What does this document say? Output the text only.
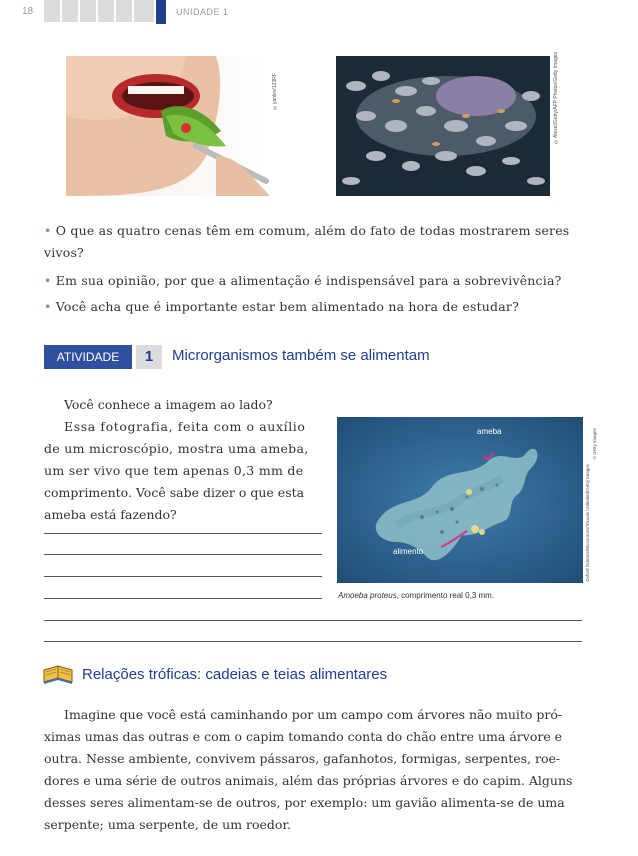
18	UNIDADE 1
©yanlev/123RF	©Alexei/Getty/AFP Photos/Getty Images
• O que as quatro cenas têm em comum, além do fato de todas mostrarem seres
vivos?
• Em sua opinião, por que a alimentação é indispensável para a sobrevivência?
• Você acha que é importante estar bem alimentado na hora de estudar?
ATIVIDADE	1	Microrganismos também se alimentam
Você conhece a imagem ao lado?
Essa fotografia, feita com o auxílio
de um microscópio, mostra uma ameba,
um ser vivo que tem apenas 0,3 mm de
comprimento. Você sabe dizer o que esta
ameba está fazendo?
ameba
alimento	Oxford Science/Biosources/Visuals Unlimited/Getty Images
©Getty Images
Amoeba proteus, comprimento real 0,3 mm.
Relações tróficas: cadeias e teias alimentares
Imagine que você está caminhando por um campo com árvores não muito pró-
ximas umas das outras e com o capim tomando conta do chão entre uma árvore e
outra. Nesse ambiente, convivem pássaros, gafanhotos, formigas, serpentes, roe-
dores e uma série de outros animais, além das próprias árvores e do capim. Alguns
desses seres alimentam-se de outros, por exemplo: um gavião alimenta-se de uma
serpente; uma serpente, de um roedor.
